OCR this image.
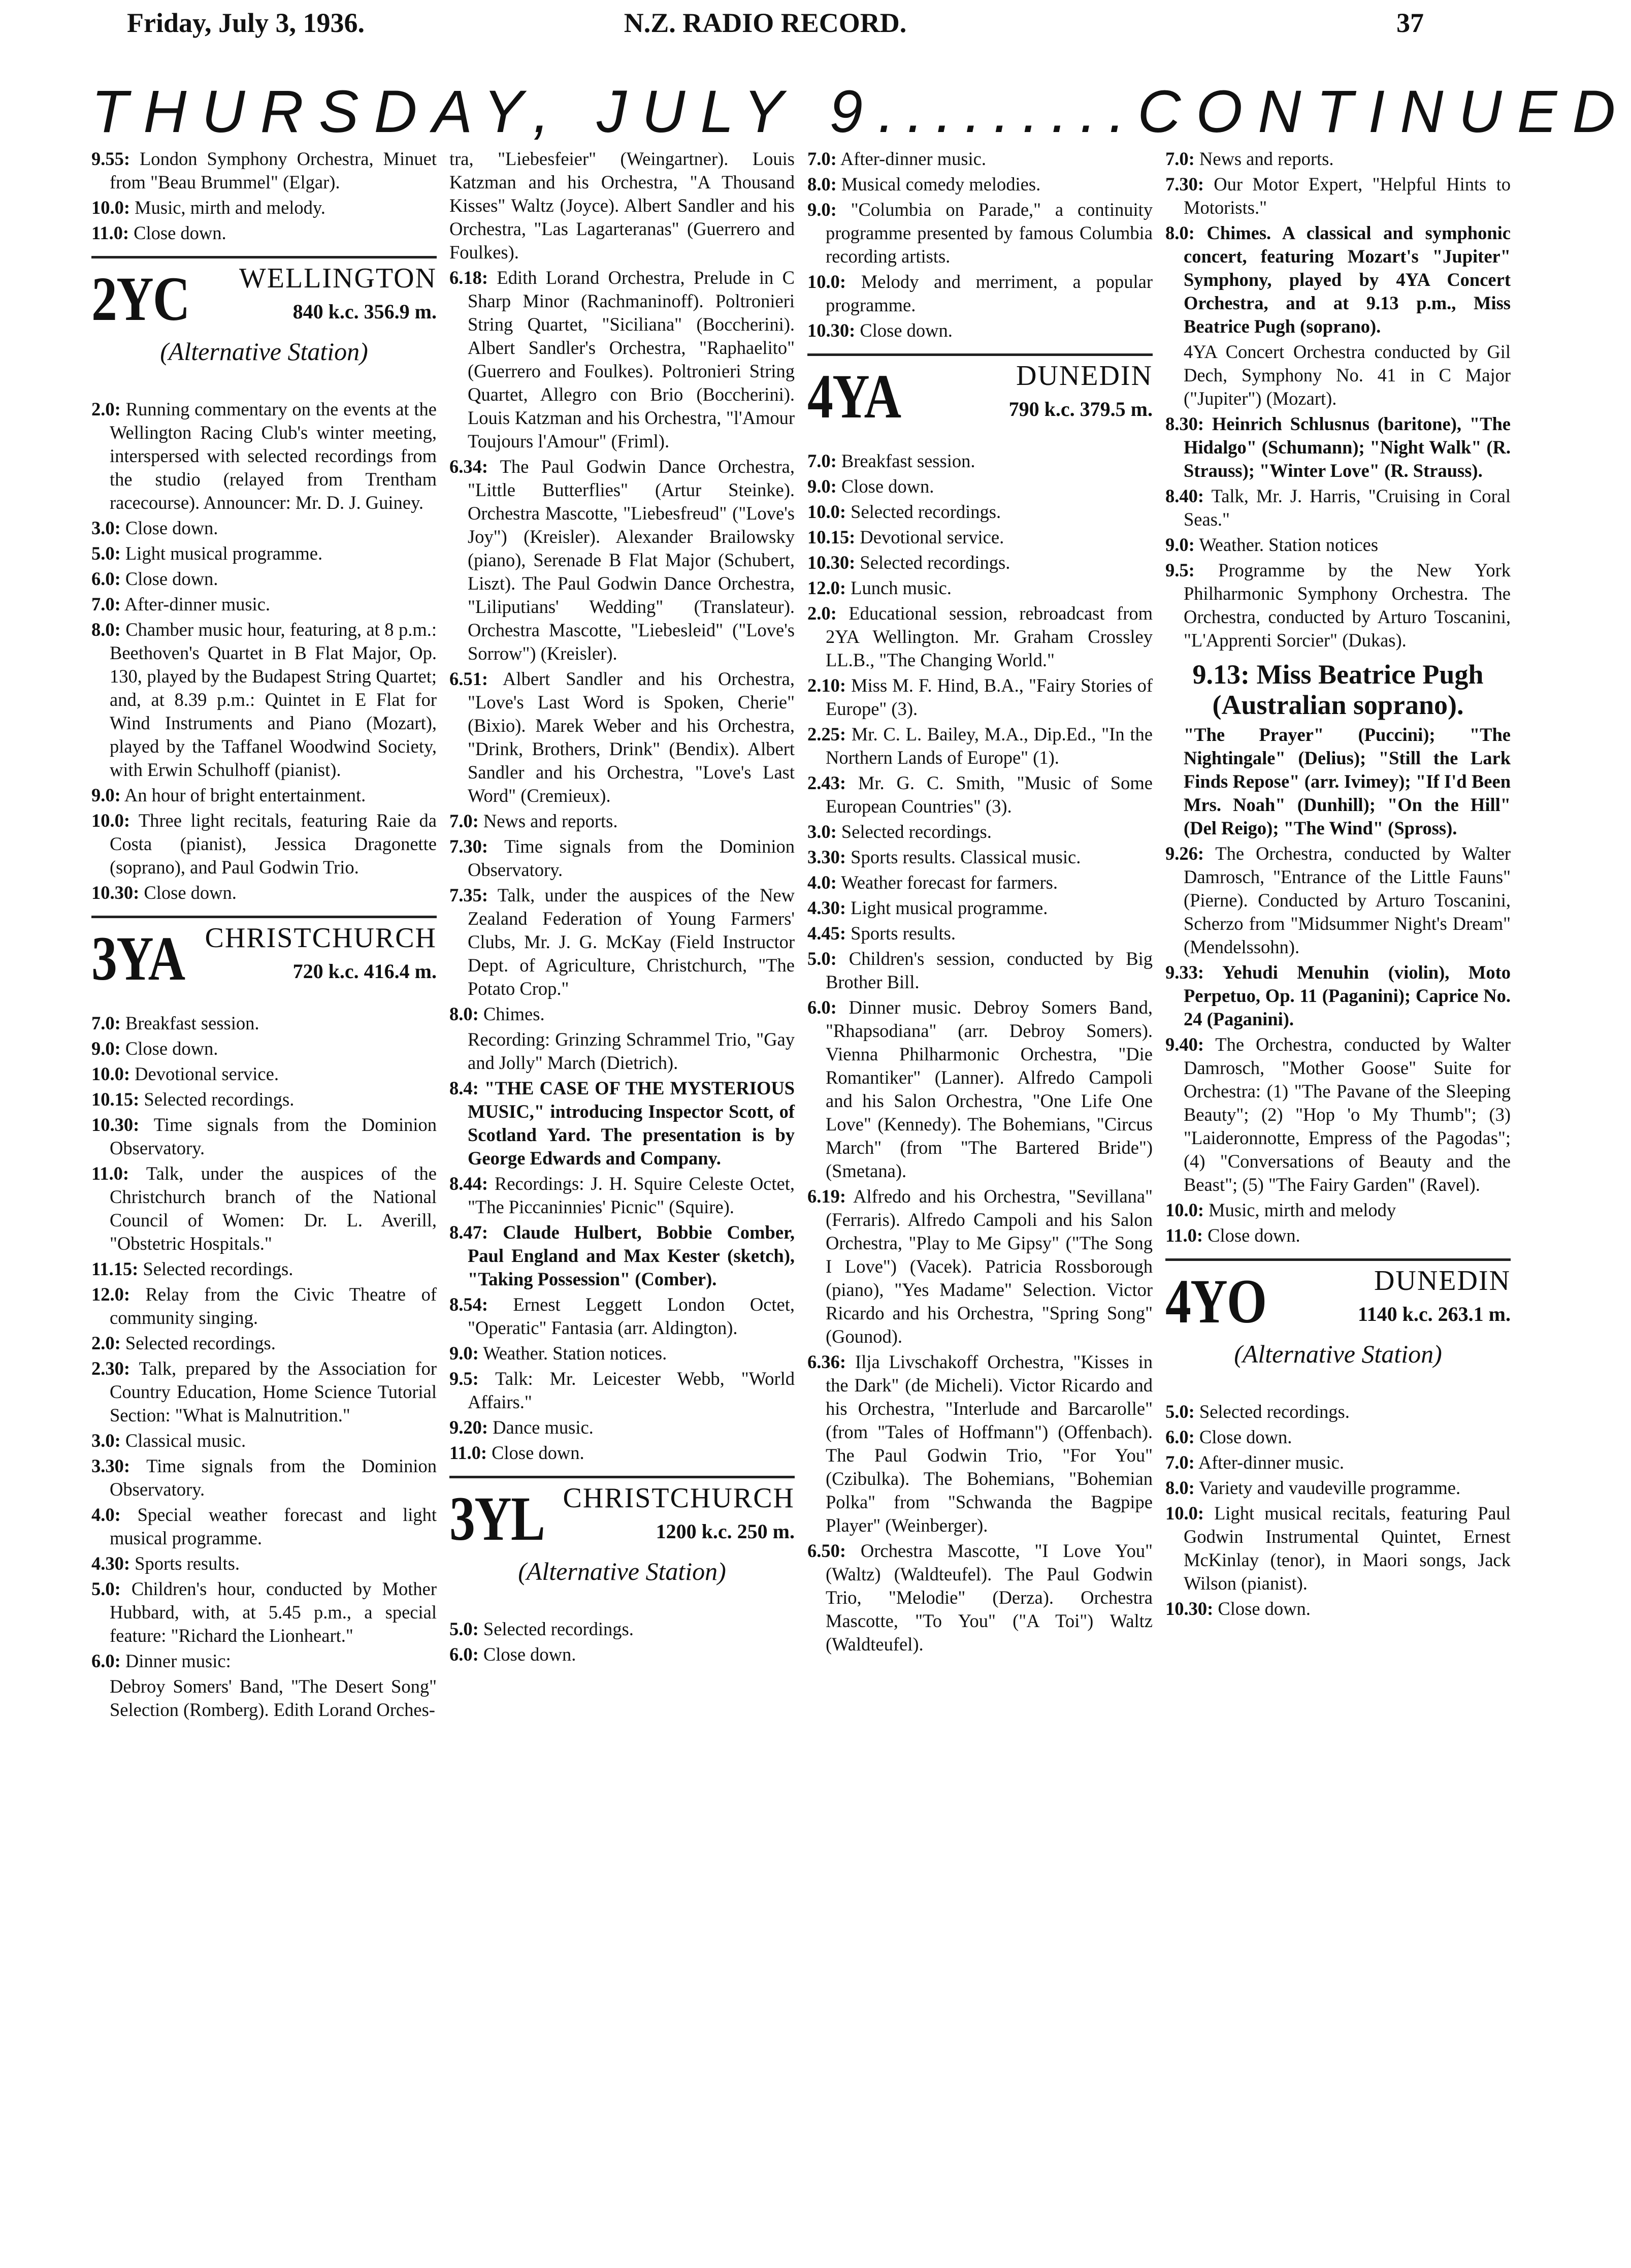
Friday, July 3, 1936.	N.Z. RADIO RECORD.	37
THURSDAY, JULY 9 ......... CONTINUED
9.55: London Symphony Orchestra, Minuet from "Beau Brummel" (Elgar).
10.0: Music, mirth and melody.
11.0: Close down.
2YC WELLINGTON
840 k.c. 356.9 m.
(Alternative Station)
2.0: Running commentary on the events at the Wellington Racing Club's winter meeting, interspersed with selected recordings from the studio (relayed from Trentham racecourse). Announcer: Mr. D. J. Guiney.
3.0: Close down.
5.0: Light musical programme.
6.0: Close down.
7.0: After-dinner music.
8.0: Chamber music hour, featuring, at 8 p.m.: Beethoven's Quartet in B Flat Major, Op. 130, played by the Budapest String Quartet; and, at 8.39 p.m.: Quintet in E Flat for Wind Instruments and Piano (Mozart), played by the Taffanel Woodwind Society, with Erwin Schulhoff (pianist).
9.0: An hour of bright entertainment.
10.0: Three light recitals, featuring Raie da Costa (pianist), Jessica Dragonette (soprano), and Paul Godwin Trio.
10.30: Close down.
3YA CHRISTCHURCH
720 k.c. 416.4 m.
7.0: Breakfast session.
9.0: Close down.
10.0: Devotional service.
10.15: Selected recordings.
10.30: Time signals from the Dominion Observatory.
11.0: Talk, under the auspices of the Christchurch branch of the National Council of Women: Dr. L. Averill, "Obstetric Hospitals."
11.15: Selected recordings.
12.0: Relay from the Civic Theatre of community singing.
2.0: Selected recordings.
2.30: Talk, prepared by the Association for Country Education, Home Science Tutorial Section: "What is Malnutrition."
3.0: Classical music.
3.30: Time signals from the Dominion Observatory.
4.0: Special weather forecast and light musical programme.
4.30: Sports results.
5.0: Children's hour, conducted by Mother Hubbard, with, at 5.45 p.m., a special feature: "Richard the Lionheart."
6.0: Dinner music:
Debroy Somers' Band, "The Desert Song" Selection (Romberg). Edith Lorand Orches-
tra, "Liebesfeier" (Weingartner). Louis Katzman and his Orchestra, "A Thousand Kisses" Waltz (Joyce). Albert Sandler and his Orchestra, "Las Lagarteranas" (Guerrero and Foulkes).
6.18: Edith Lorand Orchestra, Prelude in C Sharp Minor (Rachmaninoff). Poltronieri String Quartet, "Siciliana" (Boccherini). Albert Sandler's Orchestra, "Raphaelito" (Guerrero and Foulkes). Poltronieri String Quartet, Allegro con Brio (Boccherini). Louis Katzman and his Orchestra, "l'Amour Toujours l'Amour" (Friml).
6.34: The Paul Godwin Dance Orchestra, "Little Butterflies" (Artur Steinke). Orchestra Mascotte, "Liebesfreud" ("Love's Joy") (Kreisler). Alexander Brailowsky (piano), Serenade B Flat Major (Schubert, Liszt). The Paul Godwin Dance Orchestra, "Liliputians' Wedding" (Translateur). Orchestra Mascotte, "Liebesleid" ("Love's Sorrow") (Kreisler).
6.51: Albert Sandler and his Orchestra, "Love's Last Word is Spoken, Cherie" (Bixio). Marek Weber and his Orchestra, "Drink, Brothers, Drink" (Bendix). Albert Sandler and his Orchestra, "Love's Last Word" (Cremieux).
7.0: News and reports.
7.30: Time signals from the Dominion Observatory.
7.35: Talk, under the auspices of the New Zealand Federation of Young Farmers' Clubs, Mr. J. G. McKay (Field Instructor Dept. of Agriculture, Christchurch, "The Potato Crop."
8.0: Chimes.
Recording: Grinzing Schrammel Trio, "Gay and Jolly" March (Dietrich).
8.4: "THE CASE OF THE MYSTERIOUS MUSIC," introducing Inspector Scott, of Scotland Yard. The presentation is by George Edwards and Company.
8.44: Recordings: J. H. Squire Celeste Octet, "The Piccaninnies' Picnic" (Squire).
8.47: Claude Hulbert, Bobbie Comber, Paul England and Max Kester (sketch), "Taking Possession" (Comber).
8.54: Ernest Leggett London Octet, "Operatic" Fantasia (arr. Aldington).
9.0: Weather. Station notices.
9.5: Talk: Mr. Leicester Webb, "World Affairs."
9.20: Dance music.
11.0: Close down.
3YL CHRISTCHURCH
1200 k.c. 250 m.
(Alternative Station)
5.0: Selected recordings.
6.0: Close down.
7.0: After-dinner music.
8.0: Musical comedy melodies.
9.0: "Columbia on Parade," a continuity programme presented by famous Columbia recording artists.
10.0: Melody and merriment, a popular programme.
10.30: Close down.
4YA	DUNEDIN
790 k.c. 379.5 m.
7.0: Breakfast session.
9.0: Close down.
10.0: Selected recordings.
10.15: Devotional service.
10.30: Selected recordings.
12.0: Lunch music.
2.0: Educational session, rebroadcast from 2YA Wellington. Mr. Graham Crossley LL.B., "The Changing World."
2.10: Miss M. F. Hind, B.A., "Fairy Stories of Europe" (3).
2.25: Mr. C. L. Bailey, M.A., Dip.Ed., "In the Northern Lands of Europe" (1).
2.43: Mr. G. C. Smith, "Music of Some European Countries" (3).
3.0: Selected recordings.
3.30: Sports results. Classical music.
4.0: Weather forecast for farmers.
4.30: Light musical programme.
4.45: Sports results.
5.0: Children's session, conducted by Big Brother Bill.
6.0: Dinner music. Debroy Somers Band, "Rhapsodiana" (arr. Debroy Somers). Vienna Philharmonic Orchestra, "Die Romantiker" (Lanner). Alfredo Campoli and his Salon Orchestra, "One Life One Love" (Kennedy). The Bohemians, "Circus March" (from "The Bartered Bride") (Smetana).
6.19: Alfredo and his Orchestra, "Sevillana" (Ferraris). Alfredo Campoli and his Salon Orchestra, "Play to Me Gipsy" ("The Song I Love") (Vacek). Patricia Rossborough (piano), "Yes Madame" Selection. Victor Ricardo and his Orchestra, "Spring Song" (Gounod).
6.36: Ilja Livschakoff Orchestra, "Kisses in the Dark" (de Micheli). Victor Ricardo and his Orchestra, "Interlude and Barcarolle" (from "Tales of Hoffmann") (Offenbach). The Paul Godwin Trio, "For You" (Czibulka). The Bohemians, "Bohemian Polka" from "Schwanda the Bagpipe Player" (Weinberger).
6.50: Orchestra Mascotte, "I Love You" (Waltz) (Waldteufel). The Paul Godwin Trio, "Melodie" (Derza). Orchestra Mascotte, "To You" ("A Toi") Waltz (Waldteufel).
7.0: News and reports.
7.30: Our Motor Expert, "Helpful Hints to Motorists."
8.0: Chimes. A classical and symphonic concert, featuring Mozart's "Jupiter" Symphony, played by 4YA Concert Orchestra, and at 9.13 p.m., Miss Beatrice Pugh (soprano).
4YA Concert Orchestra conducted by Gil Dech, Symphony No. 41 in C Major ("Jupiter") (Mozart).
8.30: Heinrich Schlusnus (baritone), "The Hidalgo" (Schumann); "Night Walk" (R. Strauss); "Winter Love" (R. Strauss).
8.40: Talk, Mr. J. Harris, "Cruising in Coral Seas."
9.0: Weather. Station notices
9.5: Programme by the New York Philharmonic Symphony Orchestra. The Orchestra, conducted by Arturo Toscanini, "L'Apprenti Sorcier" (Dukas).
9.13: Miss Beatrice Pugh (Australian soprano).
"The Prayer" (Puccini); "The Nightingale" (Delius); "Still the Lark Finds Repose" (arr. Ivimey); "If I'd Been Mrs. Noah" (Dunhill); "On the Hill" (Del Reigo); "The Wind" (Spross).
9.26: The Orchestra, conducted by Walter Damrosch, "Entrance of the Little Fauns" (Pierne). Conducted by Arturo Toscanini, Scherzo from "Midsummer Night's Dream" (Mendelssohn).
9.33: Yehudi Menuhin (violin), Moto Perpetuo, Op. 11 (Paganini); Caprice No. 24 (Paganini).
9.40: The Orchestra, conducted by Walter Damrosch, "Mother Goose" Suite for Orchestra: (1) "The Pavane of the Sleeping Beauty"; (2) "Hop 'o My Thumb"; (3) "Laideronnotte, Empress of the Pagodas"; (4) "Conversations of Beauty and the Beast"; (5) "The Fairy Garden" (Ravel).
10.0: Music, mirth and melody
11.0: Close down.
4YO	DUNEDIN
1140 k.c. 263.1 m.
(Alternative Station)
5.0: Selected recordings.
6.0: Close down.
7.0: After-dinner music.
8.0: Variety and vaudeville programme.
10.0: Light musical recitals, featuring Paul Godwin Instrumental Quintet, Ernest McKinlay (tenor), in Maori songs, Jack Wilson (pianist).
10.30: Close down.
